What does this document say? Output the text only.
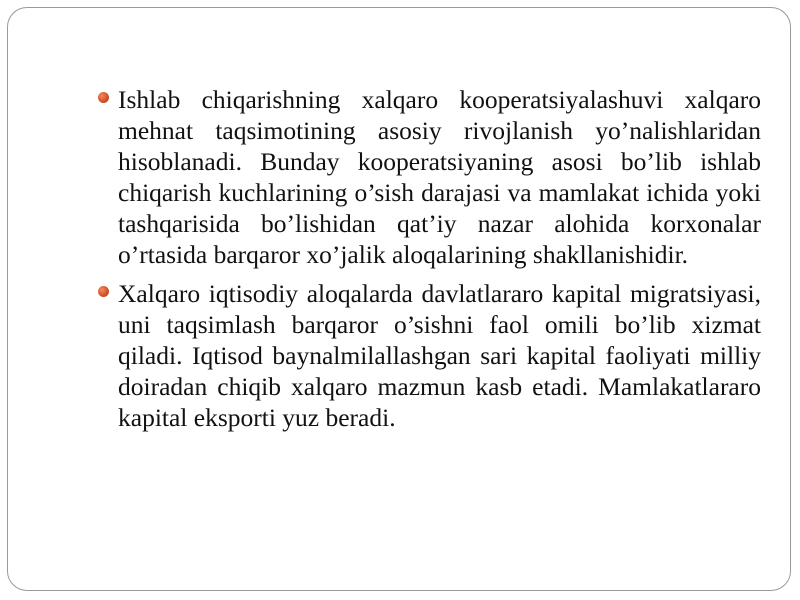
Ishlab chiqarishning xalqaro kooperatsiyalashuvi xalqaro mehnat taqsimotining asosiy rivojlanish yo’nalishlaridan hisoblanadi. Bunday kooperatsiyaning asosi bo’lib ishlab chiqarish kuchlarining o’sish darajasi va mamlakat ichida yoki tashqarisida bo’lishidan qat’iy nazar alohida korxonalar o’rtasida barqaror xo’jalik aloqalarining shakllanishidir.
Xalqaro iqtisodiy aloqalarda davlatlararo kapital migratsiyasi, uni taqsimlash barqaror o’sishni faol omili bo’lib xizmat qiladi. Iqtisod baynalmilallashgan sari kapital faoliyati milliy doiradan chiqib xalqaro mazmun kasb etadi. Mamlakatlararo kapital eksporti yuz beradi.
